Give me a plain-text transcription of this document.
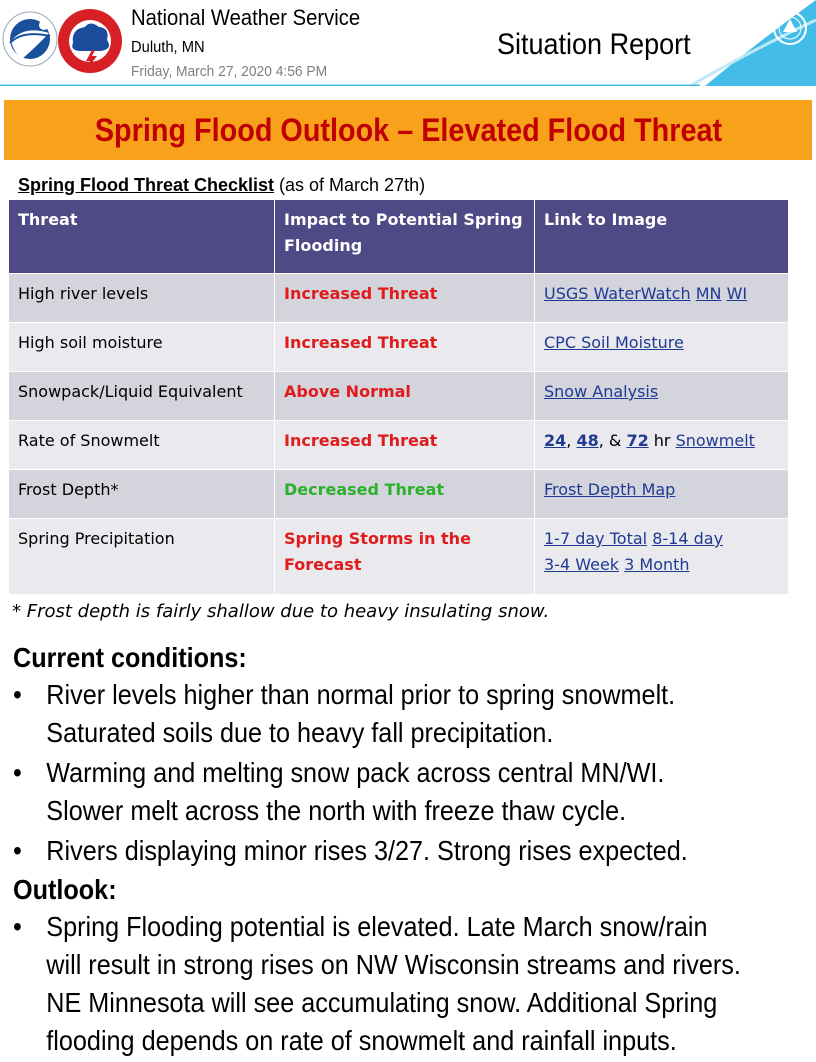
National Weather Service
Duluth, MN
Friday, March 27, 2020 4:56 PM
Situation Report
Spring Flood Outlook – Elevated Flood Threat
Spring Flood Threat Checklist (as of March 27th)
Threat	Impact to Potential Spring Flooding	Link to Image
High river levels	Increased Threat	USGS WaterWatch MN WI
High soil moisture	Increased Threat	CPC Soil Moisture
Snowpack/Liquid Equivalent	Above Normal	Snow Analysis
Rate of Snowmelt	Increased Threat	24, 48, & 72 hr Snowmelt
Frost Depth*	Decreased Threat	Frost Depth Map
Spring Precipitation	Spring Storms in the Forecast	1-7 day Total 8-14 day
3-4 Week 3 Month
* Frost depth is fairly shallow due to heavy insulating snow.
Current conditions:
• River levels higher than normal prior to spring snowmelt.
Saturated soils due to heavy fall precipitation.
• Warming and melting snow pack across central MN/WI.
Slower melt across the north with freeze thaw cycle.
• Rivers displaying minor rises 3/27. Strong rises expected.
Outlook:
• Spring Flooding potential is elevated. Late March snow/rain
will result in strong rises on NW Wisconsin streams and rivers.
NE Minnesota will see accumulating snow. Additional Spring
flooding depends on rate of snowmelt and rainfall inputs.
